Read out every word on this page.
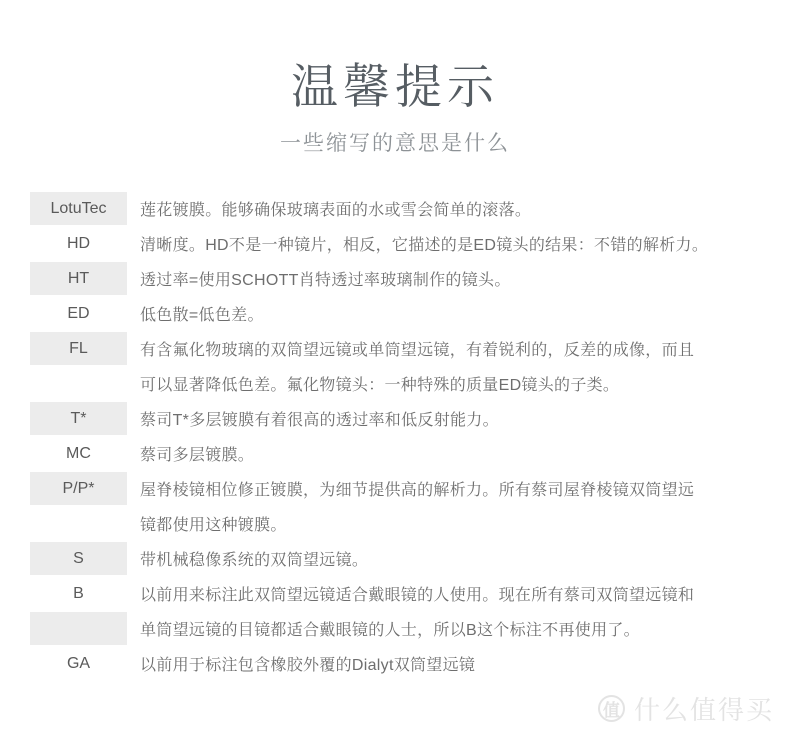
温馨提示
一些缩写的意思是什么
LotuTec	莲花镀膜。能够确保玻璃表面的水或雪会简单的滚落。
HD	清晰度。HD不是一种镜片，相反，它描述的是ED镜头的结果：不错的解析力。
HT	透过率=使用SCHOTT肖特透过率玻璃制作的镜头。
ED	低色散=低色差。
FL	有含氟化物玻璃的双筒望远镜或单筒望远镜，有着锐利的，反差的成像，而且
可以显著降低色差。氟化物镜头：一种特殊的质量ED镜头的子类。
T*	蔡司T*多层镀膜有着很高的透过率和低反射能力。
MC	蔡司多层镀膜。
P/P*	屋脊棱镜相位修正镀膜，为细节提供高的解析力。所有蔡司屋脊棱镜双筒望远
镜都使用这种镀膜。
S	带机械稳像系统的双筒望远镜。
B	以前用来标注此双筒望远镜适合戴眼镜的人使用。现在所有蔡司双筒望远镜和
单筒望远镜的目镜都适合戴眼镜的人士，所以B这个标注不再使用了。
GA	以前用于标注包含橡胶外覆的Dialyt双筒望远镜
值 什么值得买
